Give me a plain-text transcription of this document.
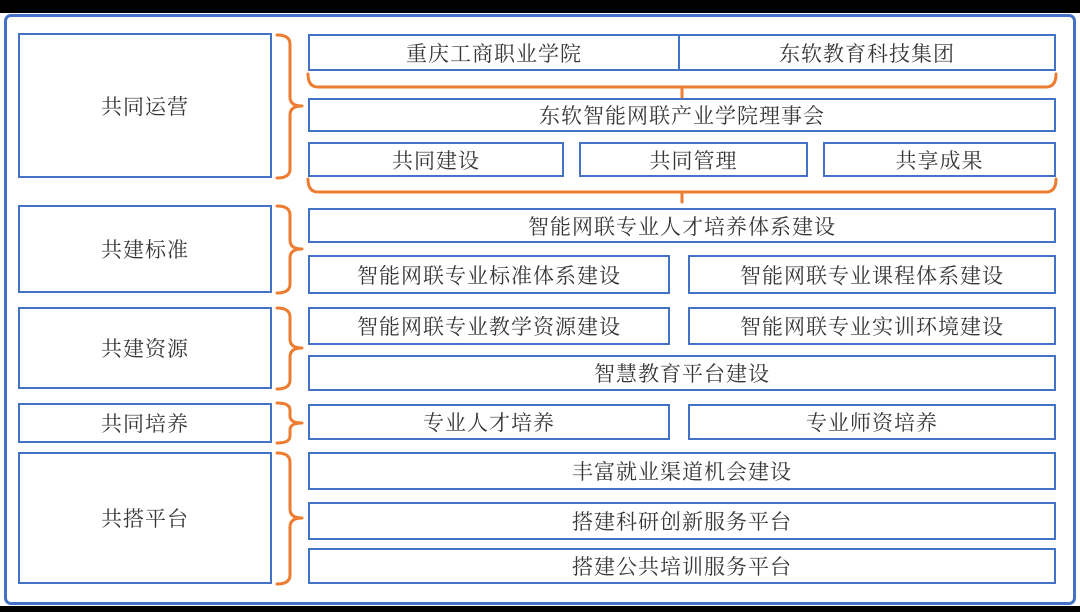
共同运营
共建标准
共建资源
共同培养
共搭平台
重庆工商职业学院	东软教育科技集团
东软智能网联产业学院理事会
共同建设	共同管理	共享成果
智能网联专业人才培养体系建设
智能网联专业标准体系建设	智能网联专业课程体系建设
智能网联专业教学资源建设	智能网联专业实训环境建设
智慧教育平台建设
专业人才培养	专业师资培养
丰富就业渠道机会建设
搭建科研创新服务平台
搭建公共培训服务平台
